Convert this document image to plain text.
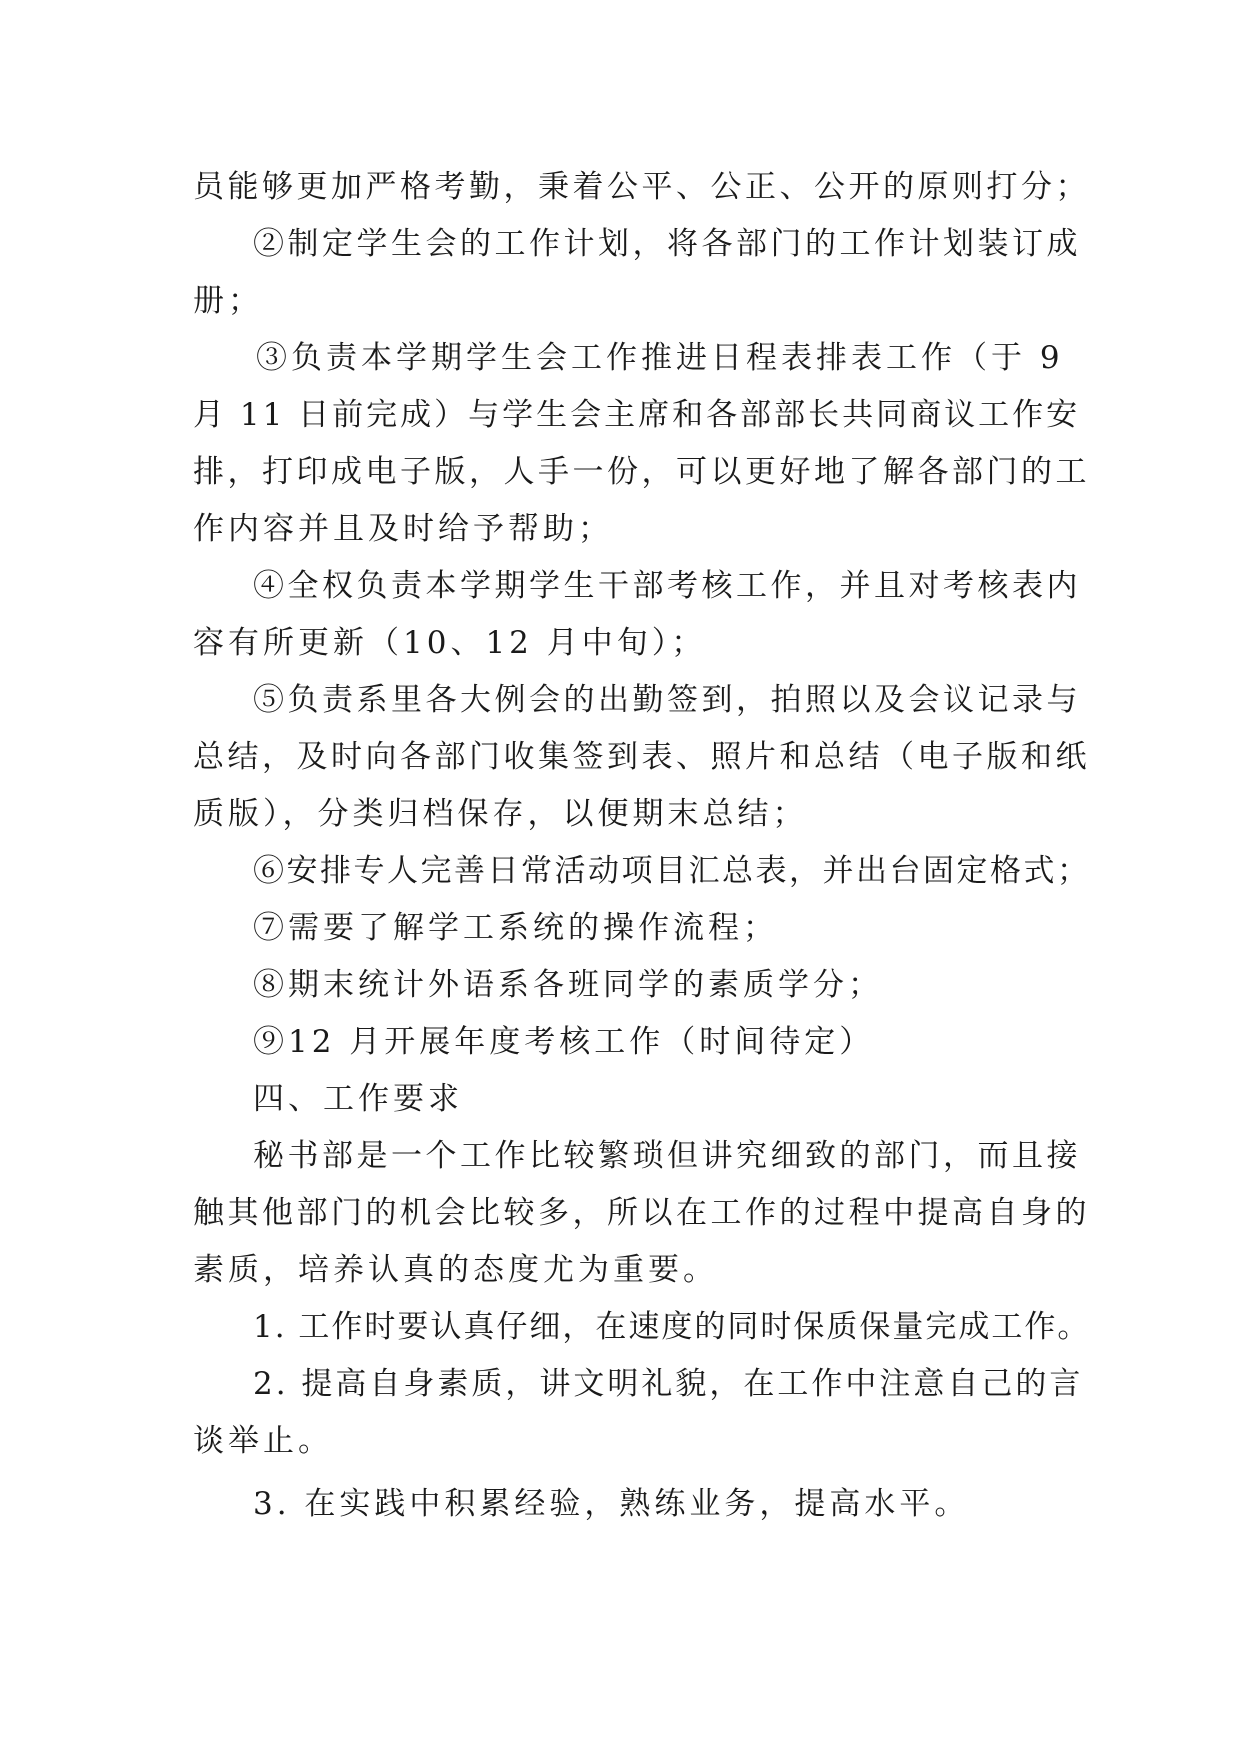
员能够更加严格考勤，秉着公平、公正、公开的原则打分；
②制定学生会的工作计划，将各部门的工作计划装订成
册；
③负责本学期学生会工作推进日程表排表工作（于 9
月 11 日前完成）与学生会主席和各部部长共同商议工作安
排，打印成电子版，人手一份，可以更好地了解各部门的工
作内容并且及时给予帮助；
④全权负责本学期学生干部考核工作，并且对考核表内
容有所更新（10、12 月中旬）；
⑤负责系里各大例会的出勤签到，拍照以及会议记录与
总结，及时向各部门收集签到表、照片和总结（电子版和纸
质版），分类归档保存，以便期末总结；
⑥安排专人完善日常活动项目汇总表，并出台固定格式；
⑦需要了解学工系统的操作流程；
⑧期末统计外语系各班同学的素质学分；
⑨12 月开展年度考核工作（时间待定）
四、工作要求
秘书部是一个工作比较繁琐但讲究细致的部门，而且接
触其他部门的机会比较多，所以在工作的过程中提高自身的
素质，培养认真的态度尤为重要。
1. 工作时要认真仔细，在速度的同时保质保量完成工作。
2. 提高自身素质，讲文明礼貌，在工作中注意自己的言
谈举止。
3. 在实践中积累经验，熟练业务，提高水平。
